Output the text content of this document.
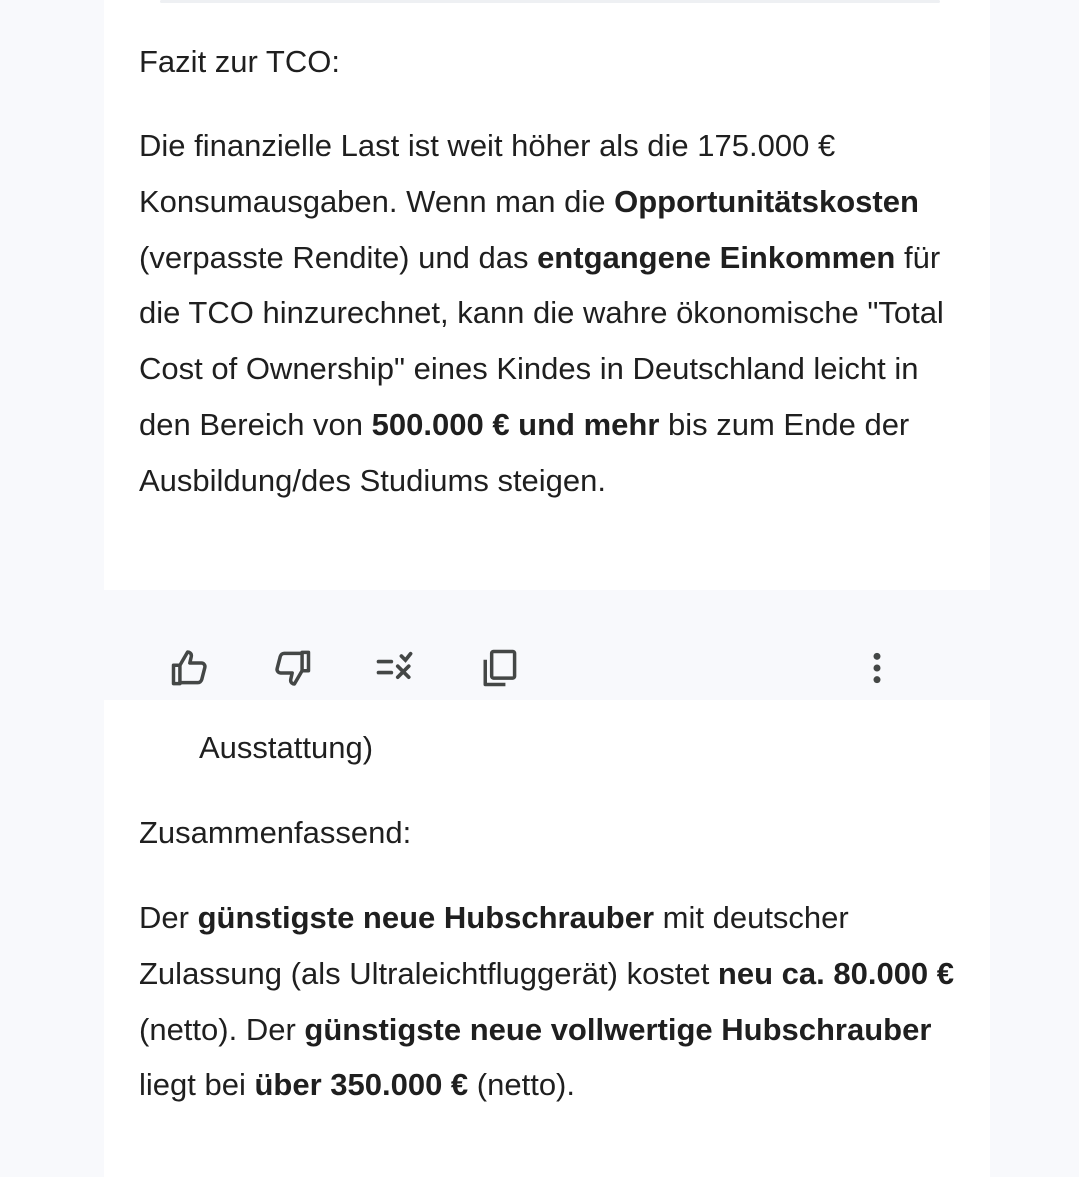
Fazit zur TCO:

Die finanzielle Last ist weit höher als die 175.000 € Konsumausgaben. Wenn man die Opportunitätskosten (verpasste Rendite) und das entgangene Einkommen für die TCO hinzurechnet, kann die wahre ökonomische "Total Cost of Ownership" eines Kindes in Deutschland leicht in den Bereich von 500.000 € und mehr bis zum Ende der Ausbildung/des Studiums steigen.

Ausstattung)
Zusammenfassend:

Der günstigste neue Hubschrauber mit deutscher Zulassung (als Ultraleichtfluggerät) kostet neu ca. 80.000 € (netto). Der günstigste neue vollwertige Hubschrauber liegt bei über 350.000 € (netto).
